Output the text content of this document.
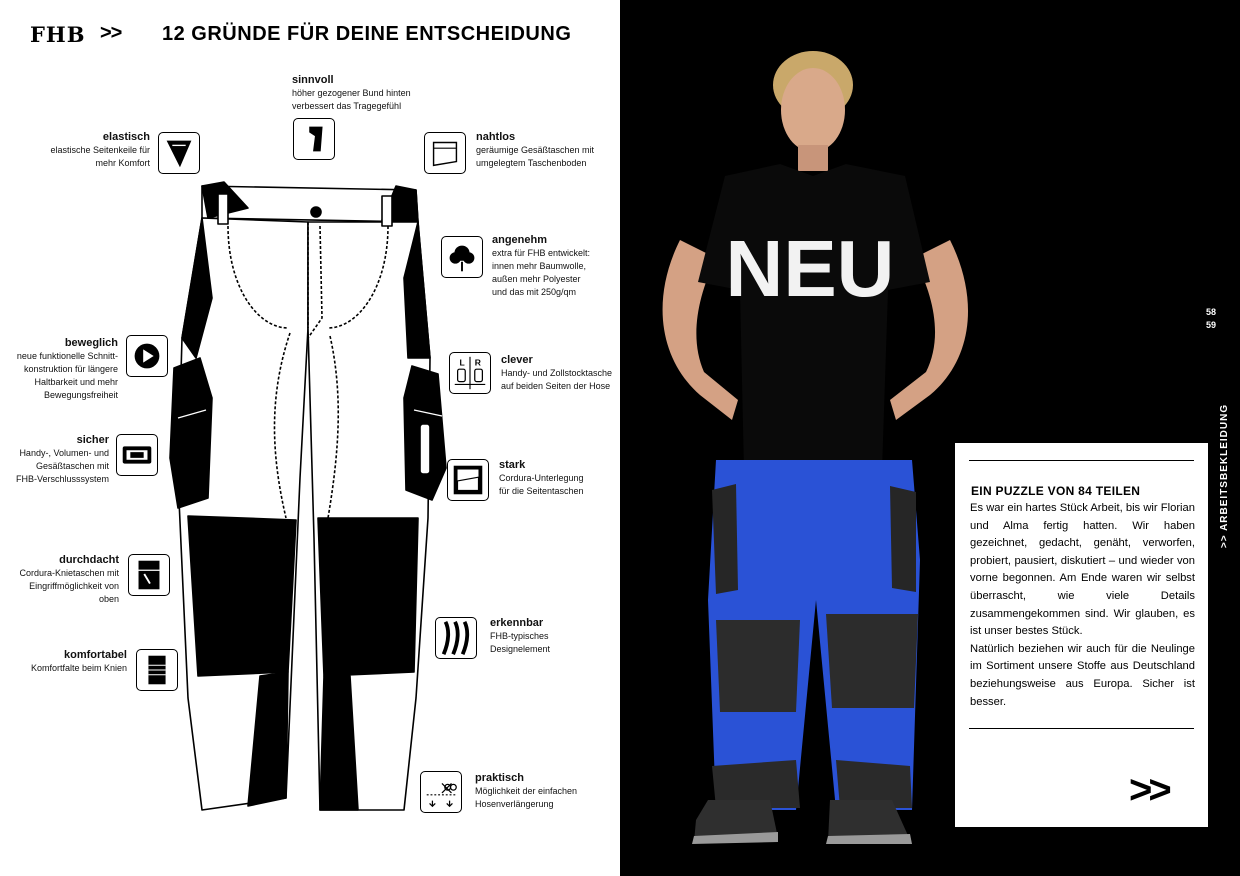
FHB >> 12 GRÜNDE FÜR DEINE ENTSCHEIDUNG
sinnvoll
höher gezogener Bund hinten
verbessert das Tragegefühl
elastisch
elastische Seitenkeile für
mehr Komfort
nahtlos
geräumige Gesäßtaschen mit
umgelegtem Taschenboden
angenehm
extra für FHB entwickelt:
innen mehr Baumwolle,
außen mehr Polyester
und das mit 250g/qm
beweglich
neue funktionelle Schnitt-
konstruktion für längere
Haltbarkeit und mehr
Bewegungsfreiheit
L R clever
Handy- und Zollstocktasche
auf beiden Seiten der Hose
sicher
Handy-, Volumen- und
Gesäßtaschen mit
FHB-Verschlusssystem
stark
Cordura-Unterlegung
für die Seitentaschen
durchdacht
Cordura-Knietaschen mit
Eingriffmöglichkeit von oben
erkennbar
FHB-typisches
Designelement
komfortabel
Komfortfalte beim Knien
praktisch
Möglichkeit der einfachen
Hosenverlängerung
NEU
EIN PUZZLE VON 84 TEILEN

Es war ein hartes Stück Arbeit, bis wir Florian und Alma fertig hatten. Wir haben gezeichnet, gedacht, genäht, verworfen, probiert, pausiert, diskutiert – und wieder von vorne begonnen. Am Ende waren wir selbst überrascht, wie viele Details zusammengekommen sind. Wir glauben, es ist unser bestes Stück.

Natürlich beziehen wir auch für die Neulinge im Sortiment unsere Stoffe aus Deutschland beziehungsweise aus Europa. Sicher ist besser.

>>
58
59
>> ARBEITSBEKLEIDUNG
